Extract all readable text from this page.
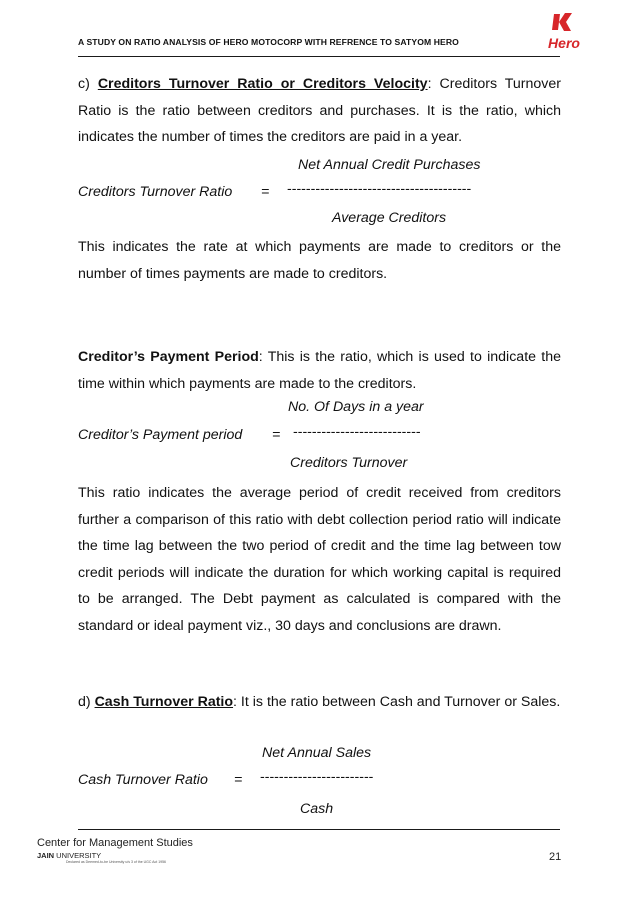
A STUDY ON RATIO ANALYSIS OF HERO MOTOCORP WITH REFRENCE TO SATYOM HERO	Hero
c) Creditors Turnover Ratio or Creditors Velocity: Creditors Turnover Ratio is the ratio between creditors and purchases. It is the ratio, which indicates the number of times the creditors are paid in a year.
Net Annual Credit Purchases
Creditors Turnover Ratio = ---------------------------------------
Average Creditors
This indicates the rate at which payments are made to creditors or the number of times payments are made to creditors.
Creditor’s Payment Period: This is the ratio, which is used to indicate the time within which payments are made to the creditors.
No. Of Days in a year
Creditor’s Payment period = ---------------------------
Creditors Turnover
This ratio indicates the average period of credit received from creditors further a comparison of this ratio with debt collection period ratio will indicate the time lag between the two period of credit and the time lag between tow credit periods will indicate the duration for which working capital is required to be arranged. The Debt payment as calculated is compared with the standard or ideal payment viz., 30 days and conclusions are drawn.
d) Cash Turnover Ratio: It is the ratio between Cash and Turnover or Sales.
Net Annual Sales
Cash Turnover Ratio = ------------------------
Cash
Center for Management Studies
JAIN UNIVERSITY
Declared as Deemed-to-be University u/s 3 of the UGC Act 1956	21
